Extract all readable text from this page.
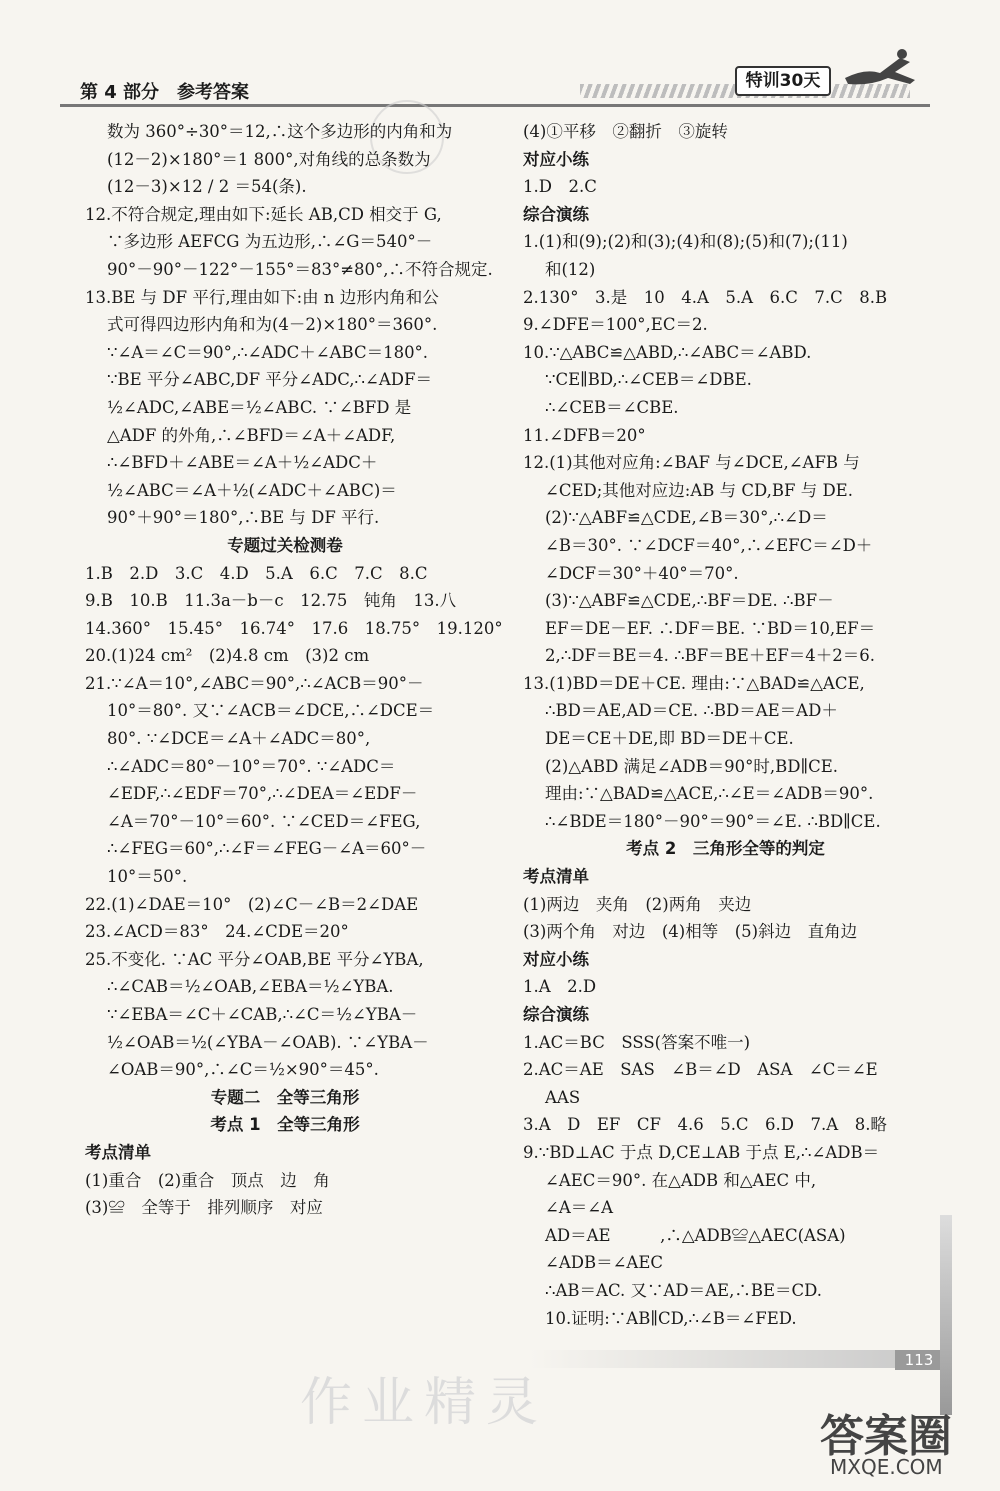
第 4 部分　参考答案
特训30天
数为 360°÷30°＝12,∴这个多边形的内角和为
(12－2)×180°＝1 800°,对角线的总条数为
(12－3)×12 / 2 ＝54(条).
12.不符合规定,理由如下:延长 AB,CD 相交于 G,
∵多边形 AEFCG 为五边形,∴∠G＝540°－
90°－90°－122°－155°＝83°≠80°,∴不符合规定.
13.BE 与 DF 平行,理由如下:由 n 边形内角和公
式可得四边形内角和为(4－2)×180°＝360°.
∵∠A＝∠C＝90°,∴∠ADC＋∠ABC＝180°.
∵BE 平分∠ABC,DF 平分∠ADC,∴∠ADF＝
½∠ADC,∠ABE＝½∠ABC. ∵∠BFD 是
△ADF 的外角,∴∠BFD＝∠A＋∠ADF,
∴∠BFD＋∠ABE＝∠A＋½∠ADC＋
½∠ABC＝∠A＋½(∠ADC＋∠ABC)＝
90°＋90°＝180°,∴BE 与 DF 平行.
专题过关检测卷
1.B　2.D　3.C　4.D　5.A　6.C　7.C　8.C
9.B　10.B　11.3a－b－c　12.75　钝角　13.八
14.360°　15.45°　16.74°　17.6　18.75°　19.120°
20.(1)24 cm²　(2)4.8 cm　(3)2 cm
21.∵∠A＝10°,∠ABC＝90°,∴∠ACB＝90°－
10°＝80°. 又∵∠ACB＝∠DCE,∴∠DCE＝
80°. ∵∠DCE＝∠A＋∠ADC＝80°,
∴∠ADC＝80°－10°＝70°. ∵∠ADC＝
∠EDF,∴∠EDF＝70°,∴∠DEA＝∠EDF－
∠A＝70°－10°＝60°. ∵∠CED＝∠FEG,
∴∠FEG＝60°,∴∠F＝∠FEG－∠A＝60°－
10°＝50°.
22.(1)∠DAE＝10°　(2)∠C－∠B＝2∠DAE
23.∠ACD＝83°　24.∠CDE＝20°
25.不变化. ∵AC 平分∠OAB,BE 平分∠YBA,
∴∠CAB＝½∠OAB,∠EBA＝½∠YBA.
∵∠EBA＝∠C＋∠CAB,∴∠C＝½∠YBA－
½∠OAB＝½(∠YBA－∠OAB). ∵∠YBA－
∠OAB＝90°,∴∠C＝½×90°＝45°.
专题二　全等三角形
考点 1　全等三角形
考点清单
(1)重合　(2)重合　顶点　边　角
(3)≌　全等于　排列顺序　对应
(4)①平移　②翻折　③旋转
对应小练
1.D　2.C
综合演练
1.(1)和(9);(2)和(3);(4)和(8);(5)和(7);(11)
和(12)
2.130°　3.是　10　4.A　5.A　6.C　7.C　8.B
9.∠DFE＝100°,EC＝2.
10.∵△ABC≌△ABD,∴∠ABC＝∠ABD.
∵CE∥BD,∴∠CEB＝∠DBE.
∴∠CEB＝∠CBE.
11.∠DFB＝20°
12.(1)其他对应角:∠BAF 与∠DCE,∠AFB 与
∠CED;其他对应边:AB 与 CD,BF 与 DE.
(2)∵△ABF≌△CDE,∠B＝30°,∴∠D＝
∠B＝30°. ∵∠DCF＝40°,∴∠EFC＝∠D＋
∠DCF＝30°＋40°＝70°.
(3)∵△ABF≌△CDE,∴BF＝DE. ∴BF－
EF＝DE－EF. ∴DF＝BE. ∵BD＝10,EF＝
2,∴DF＝BE＝4. ∴BF＝BE＋EF＝4＋2＝6.
13.(1)BD＝DE＋CE. 理由:∵△BAD≌△ACE,
∴BD＝AE,AD＝CE. ∴BD＝AE＝AD＋
DE＝CE＋DE,即 BD＝DE＋CE.
(2)△ABD 满足∠ADB＝90°时,BD∥CE.
理由:∵△BAD≌△ACE,∴∠E＝∠ADB＝90°.
∴∠BDE＝180°－90°＝90°＝∠E. ∴BD∥CE.
考点 2　三角形全等的判定
考点清单
(1)两边　夹角　(2)两角　夹边
(3)两个角　对边　(4)相等　(5)斜边　直角边
对应小练
1.A　2.D
综合演练
1.AC＝BC　SSS(答案不唯一)
2.AC＝AE　SAS　∠B＝∠D　ASA　∠C＝∠E
AAS
3.A　D　EF　CF　4.6　5.C　6.D　7.A　8.略
9.∵BD⊥AC 于点 D,CE⊥AB 于点 E,∴∠ADB＝
∠AEC＝90°. 在△ADB 和△AEC 中,
∠A＝∠A
AD＝AE　　　,∴△ADB≌△AEC(ASA)
∠ADB＝∠AEC
∴AB＝AC. 又∵AD＝AE,∴BE＝CD.
10.证明:∵AB∥CD,∴∠B＝∠FED.
113
作业精灵
答案圈
MXQE.COM
